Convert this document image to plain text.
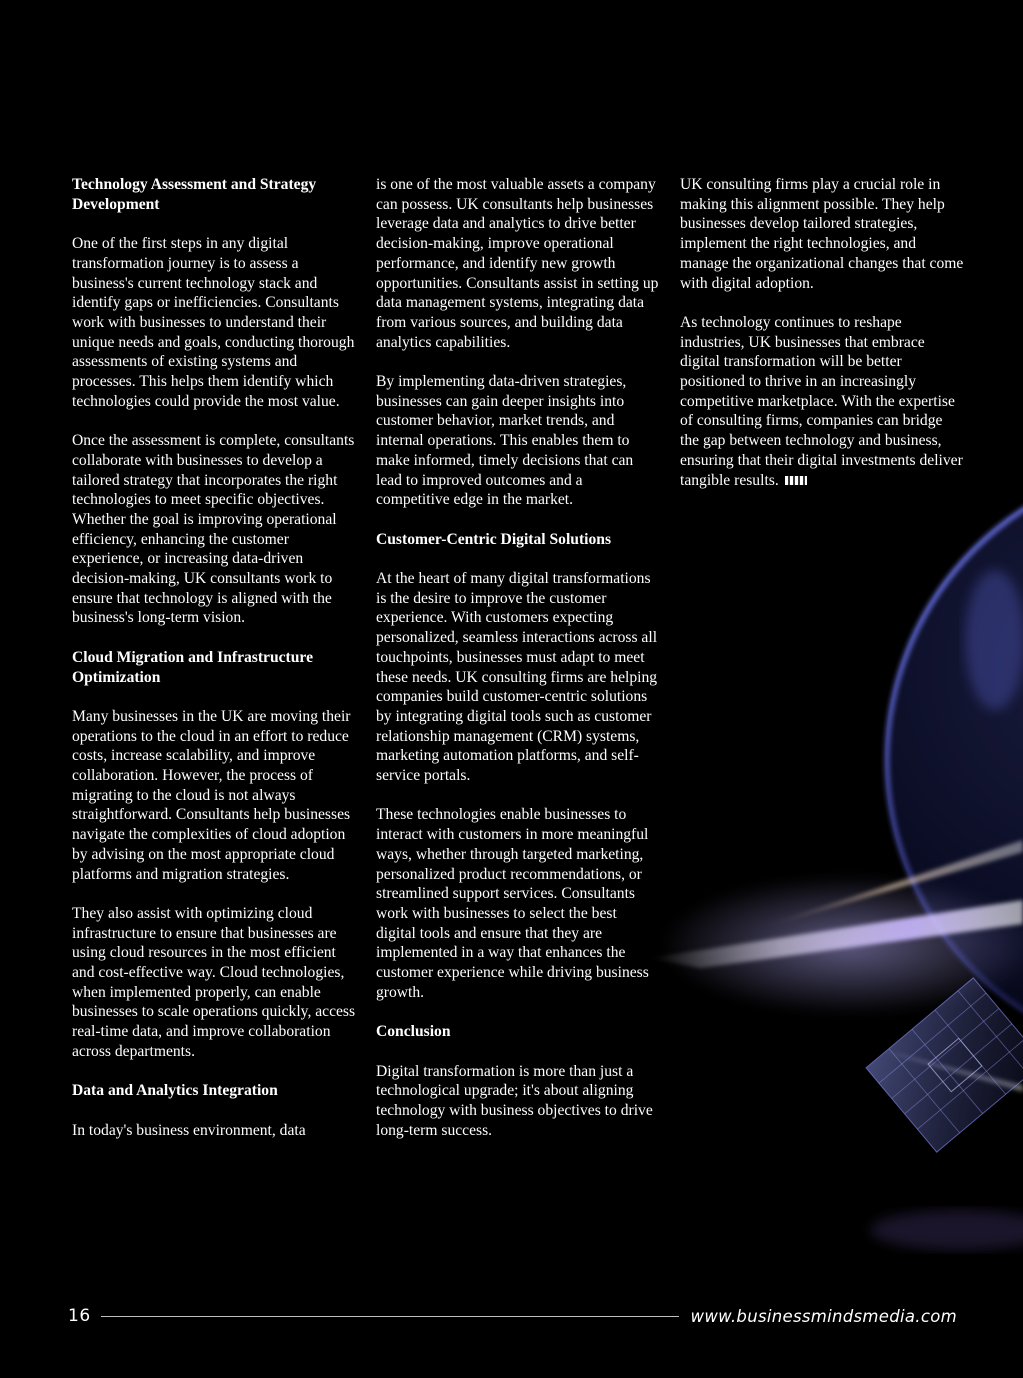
Technology Assessment and Strategy Development

One of the first steps in any digital transformation journey is to assess a business's current technology stack and identify gaps or inefficiencies. Consultants work with businesses to understand their unique needs and goals, conducting thorough assessments of existing systems and processes. This helps them identify which technologies could provide the most value.

Once the assessment is complete, consultants collaborate with businesses to develop a tailored strategy that incorporates the right technologies to meet specific objectives. Whether the goal is improving operational efficiency, enhancing the customer experience, or increasing data-driven decision-making, UK consultants work to ensure that technology is aligned with the business's long-term vision.

Cloud Migration and Infrastructure Optimization

Many businesses in the UK are moving their operations to the cloud in an effort to reduce costs, increase scalability, and improve collaboration. However, the process of migrating to the cloud is not always straightforward. Consultants help businesses navigate the complexities of cloud adoption by advising on the most appropriate cloud platforms and migration strategies.

They also assist with optimizing cloud infrastructure to ensure that businesses are using cloud resources in the most efficient and cost-effective way. Cloud technologies, when implemented properly, can enable businesses to scale operations quickly, access real-time data, and improve collaboration across departments.

Data and Analytics Integration

In today's business environment, data

is one of the most valuable assets a company can possess. UK consultants help businesses leverage data and analytics to drive better decision-making, improve operational performance, and identify new growth opportunities. Consultants assist in setting up data management systems, integrating data from various sources, and building data analytics capabilities.

By implementing data-driven strategies, businesses can gain deeper insights into customer behavior, market trends, and internal operations. This enables them to make informed, timely decisions that can lead to improved outcomes and a competitive edge in the market.

Customer-Centric Digital Solutions

At the heart of many digital transformations is the desire to improve the customer experience. With customers expecting personalized, seamless interactions across all touchpoints, businesses must adapt to meet these needs. UK consulting firms are helping companies build customer-centric solutions by integrating digital tools such as customer relationship management (CRM) systems, marketing automation platforms, and self-service portals.

These technologies enable businesses to interact with customers in more meaningful ways, whether through targeted marketing, personalized product recommendations, or streamlined support services. Consultants work with businesses to select the best digital tools and ensure that they are implemented in a way that enhances the customer experience while driving business growth.

Conclusion

Digital transformation is more than just a technological upgrade; it's about aligning technology with business objectives to drive long-term success.

UK consulting firms play a crucial role in making this alignment possible. They help businesses develop tailored strategies, implement the right technologies, and manage the organizational changes that come with digital adoption.

As technology continues to reshape industries, UK businesses that embrace digital transformation will be better positioned to thrive in an increasingly competitive marketplace. With the expertise of consulting firms, companies can bridge the gap between technology and business, ensuring that their digital investments deliver tangible results.

16	www.businessmindsmedia.com
